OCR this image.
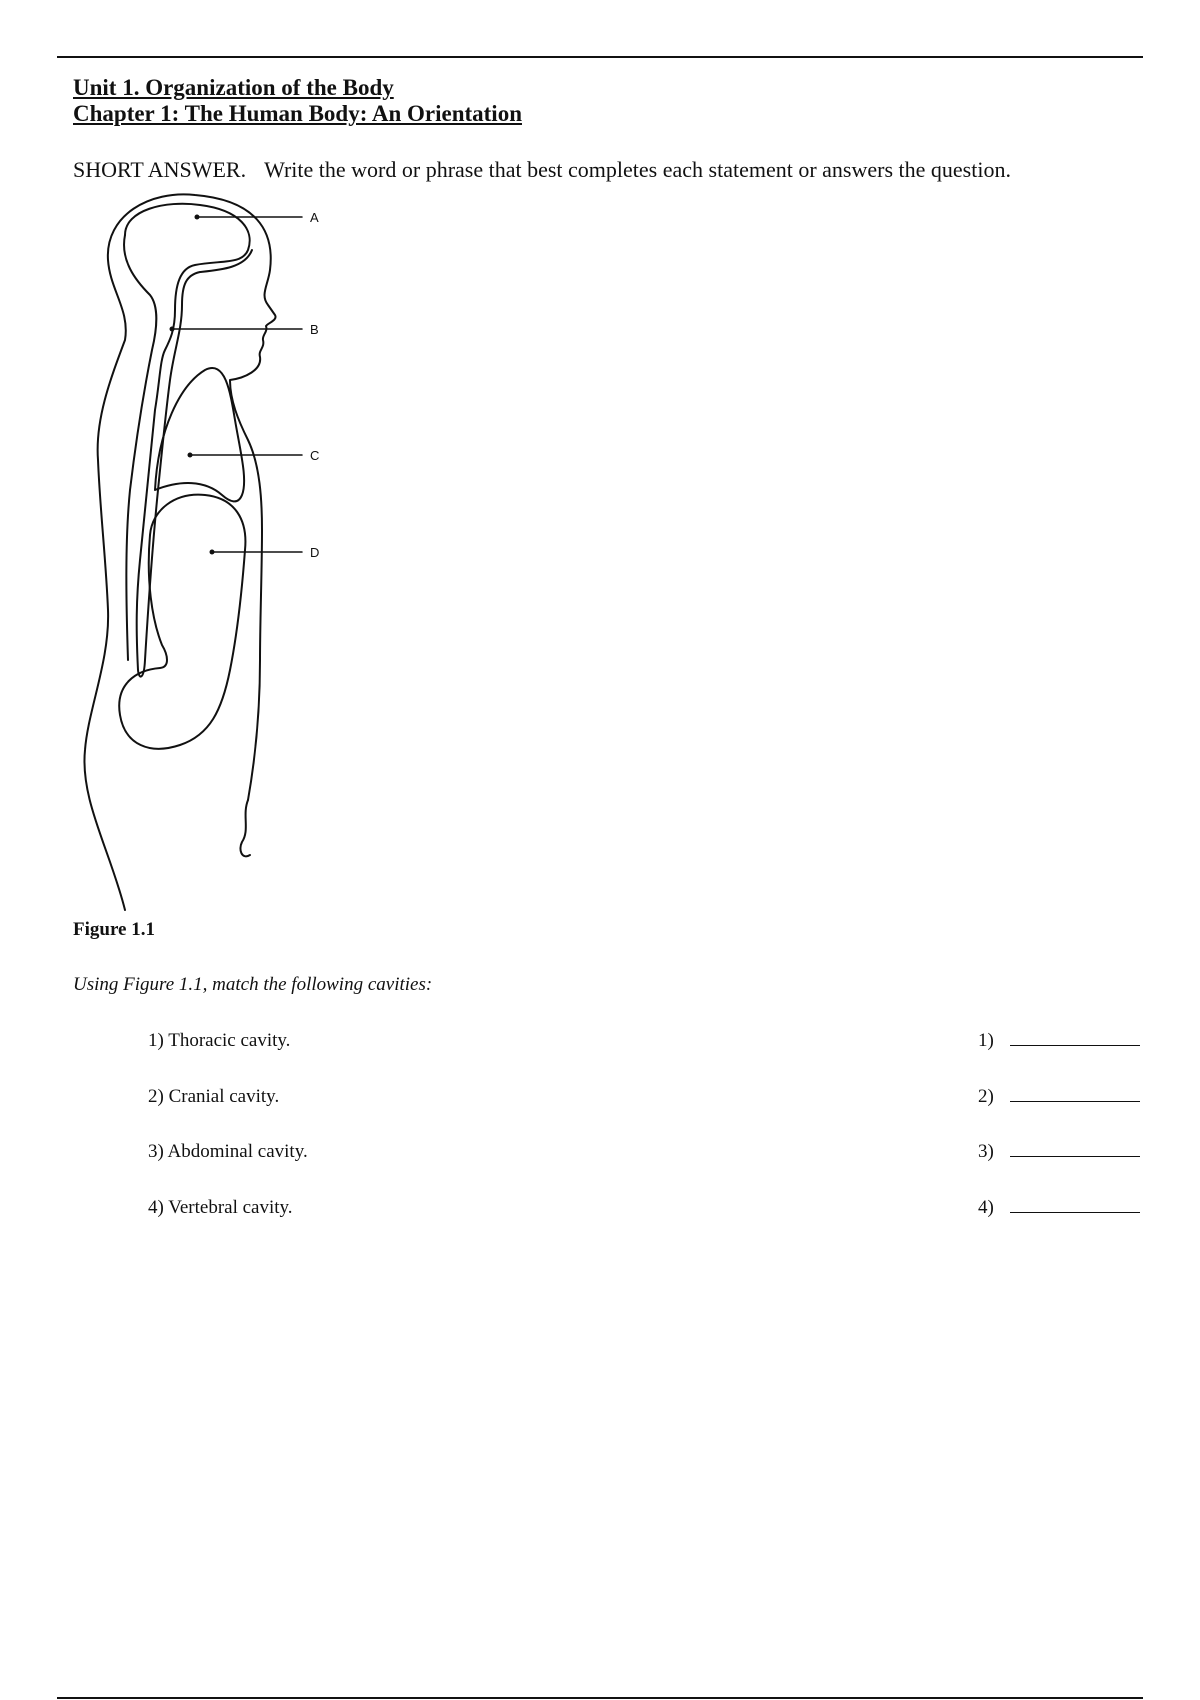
Unit 1. Organization of the Body
Chapter 1: The Human Body: An Orientation
SHORT ANSWER. Write the word or phrase that best completes each statement or answers the question.
A
B
C
D
Figure 1.1
Using Figure 1.1, match the following cavities:
1) Thoracic cavity.	1)
2) Cranial cavity.	2)
3) Abdominal cavity.	3)
4) Vertebral cavity.	4)
